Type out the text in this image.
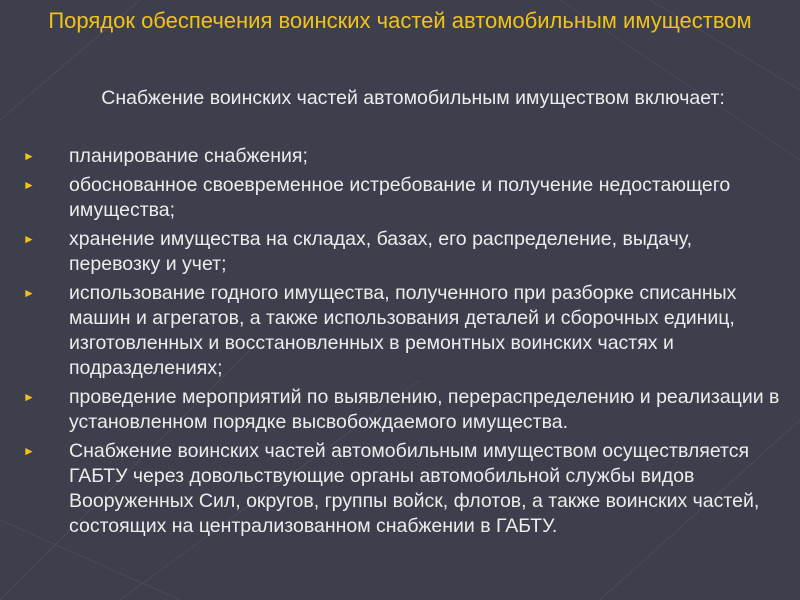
Порядок обеспечения воинских частей автомобильным имуществом
Снабжение воинских частей автомобильным имуществом включает:
► планирование снабжения;
► обоснованное своевременное истребование и получение недостающего имущества;
► хранение имущества на складах, базах, его распределение, выдачу, перевозку и учет;
► использование годного имущества, полученного при разборке списанных машин и агрегатов, а также использования деталей и сборочных единиц, изготовленных и восстановленных в ремонтных воинских частях и подразделениях;
► проведение мероприятий по выявлению, перераспределению и реализации в установленном порядке высвобождаемого имущества.
► Снабжение воинских частей автомобильным имуществом осуществляется ГАБТУ через довольствующие органы автомобильной службы видов Вооруженных Сил, округов, группы войск, флотов, а также воинских частей, состоящих на централизованном снабжении в ГАБТУ.
